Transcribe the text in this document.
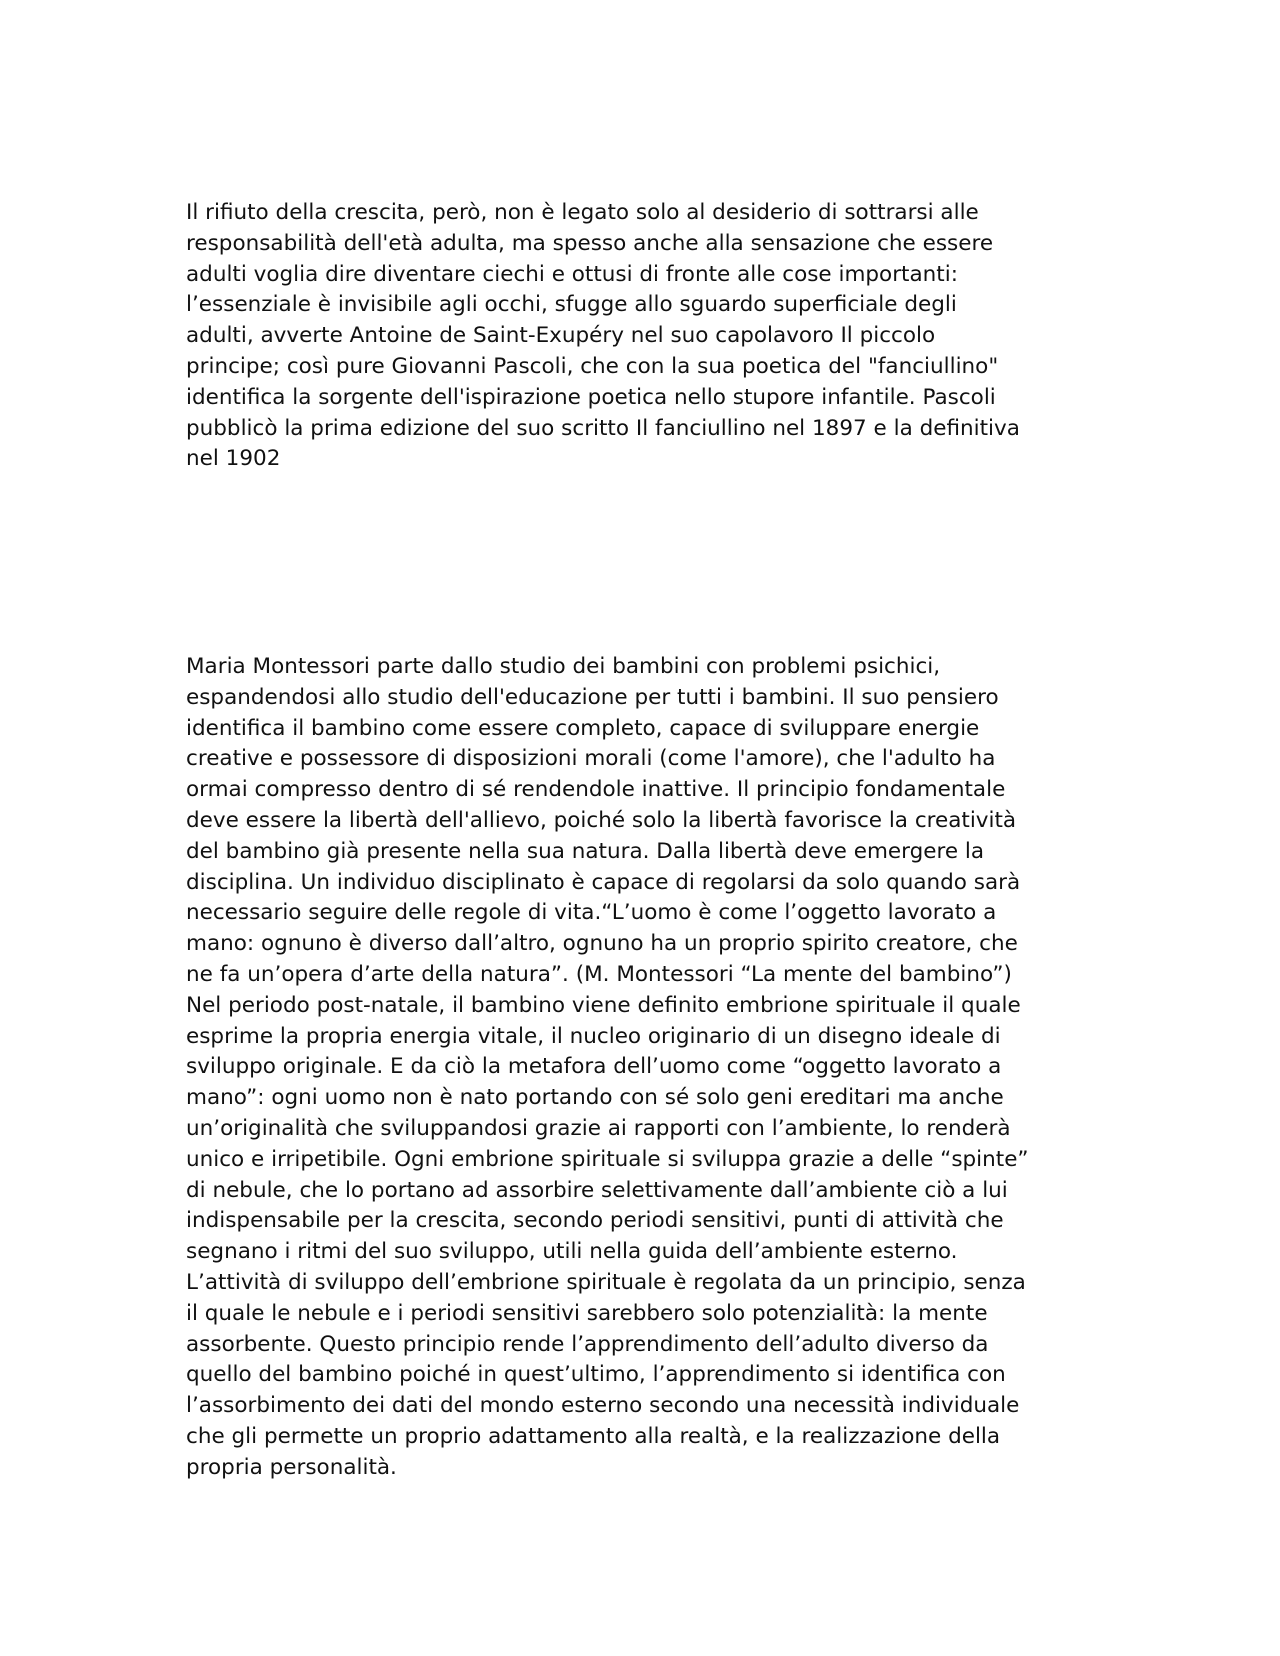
Il rifiuto della crescita, però, non è legato solo al desiderio di sottrarsi alle
responsabilità dell'età adulta, ma spesso anche alla sensazione che essere
adulti voglia dire diventare ciechi e ottusi di fronte alle cose importanti:
l’essenziale è invisibile agli occhi, sfugge allo sguardo superficiale degli
adulti, avverte Antoine de Saint-Exupéry nel suo capolavoro Il piccolo
principe; così pure Giovanni Pascoli, che con la sua poetica del "fanciullino"
identifica la sorgente dell'ispirazione poetica nello stupore infantile. Pascoli
pubblicò la prima edizione del suo scritto Il fanciullino nel 1897 e la definitiva
nel 1902

Maria Montessori parte dallo studio dei bambini con problemi psichici,
espandendosi allo studio dell'educazione per tutti i bambini. Il suo pensiero
identifica il bambino come essere completo, capace di sviluppare energie
creative e possessore di disposizioni morali (come l'amore), che l'adulto ha
ormai compresso dentro di sé rendendole inattive. Il principio fondamentale
deve essere la libertà dell'allievo, poiché solo la libertà favorisce la creatività
del bambino già presente nella sua natura. Dalla libertà deve emergere la
disciplina. Un individuo disciplinato è capace di regolarsi da solo quando sarà
necessario seguire delle regole di vita.“L’uomo è come l’oggetto lavorato a
mano: ognuno è diverso dall’altro, ognuno ha un proprio spirito creatore, che
ne fa un’opera d’arte della natura”. (M. Montessori “La mente del bambino”)
Nel periodo post-natale, il bambino viene definito embrione spirituale il quale
esprime la propria energia vitale, il nucleo originario di un disegno ideale di
sviluppo originale. E da ciò la metafora dell’uomo come “oggetto lavorato a
mano”: ogni uomo non è nato portando con sé solo geni ereditari ma anche
un’originalità che sviluppandosi grazie ai rapporti con l’ambiente, lo renderà
unico e irripetibile. Ogni embrione spirituale si sviluppa grazie a delle “spinte”
di nebule, che lo portano ad assorbire selettivamente dall’ambiente ciò a lui
indispensabile per la crescita, secondo periodi sensitivi, punti di attività che
segnano i ritmi del suo sviluppo, utili nella guida dell’ambiente esterno.
L’attività di sviluppo dell’embrione spirituale è regolata da un principio, senza
il quale le nebule e i periodi sensitivi sarebbero solo potenzialità: la mente
assorbente. Questo principio rende l’apprendimento dell’adulto diverso da
quello del bambino poiché in quest’ultimo, l’apprendimento si identifica con
l’assorbimento dei dati del mondo esterno secondo una necessità individuale
che gli permette un proprio adattamento alla realtà, e la realizzazione della
propria personalità.
